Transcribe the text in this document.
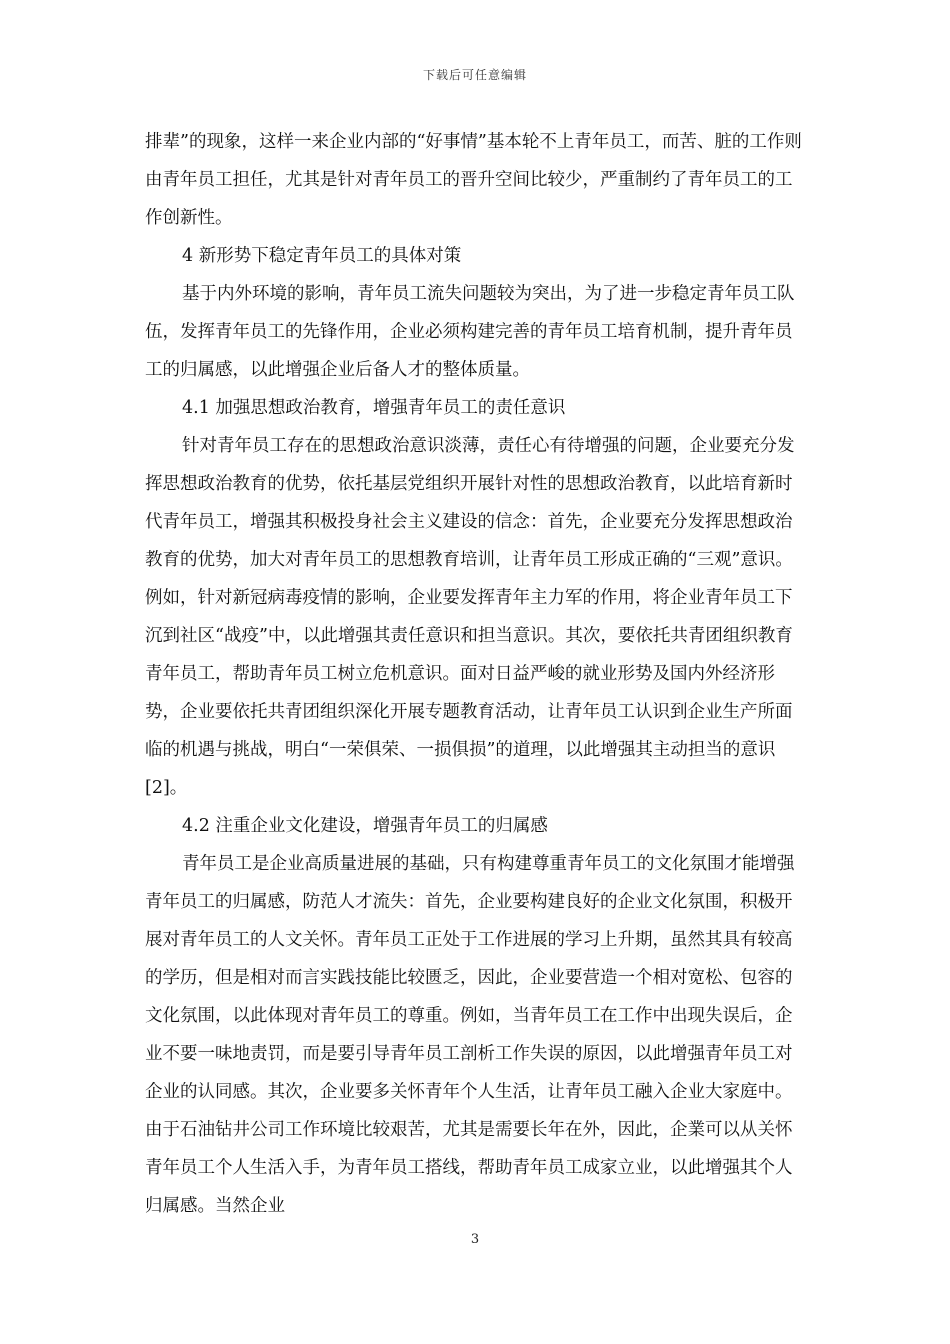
下载后可任意编辑

排辈”的现象，这样一来企业内部的“好事情”基本轮不上青年员工，而苦、脏的工作则由青年员工担任，尤其是针对青年员工的晋升空间比较少，严重制约了青年员工的工作创新性。

4 新形势下稳定青年员工的具体对策

基于内外环境的影响，青年员工流失问题较为突出，为了进一步稳定青年员工队伍，发挥青年员工的先锋作用，企业必须构建完善的青年员工培育机制，提升青年员工的归属感，以此增强企业后备人才的整体质量。

4.1 加强思想政治教育，增强青年员工的责任意识

针对青年员工存在的思想政治意识淡薄，责任心有待增强的问题，企业要充分发挥思想政治教育的优势，依托基层党组织开展针对性的思想政治教育，以此培育新时代青年员工，增强其积极投身社会主义建设的信念：首先，企业要充分发挥思想政治教育的优势，加大对青年员工的思想教育培训，让青年员工形成正确的“三观”意识。例如，针对新冠病毒疫情的影响，企业要发挥青年主力军的作用，将企业青年员工下沉到社区“战疫”中，以此增强其责任意识和担当意识。其次，要依托共青团组织教育青年员工，帮助青年员工树立危机意识。面对日益严峻的就业形势及国内外经济形势，企业要依托共青团组织深化开展专题教育活动，让青年员工认识到企业生产所面临的机遇与挑战，明白“一荣俱荣、一损俱损”的道理，以此增强其主动担当的意识[2]。

4.2 注重企业文化建设，增强青年员工的归属感

青年员工是企业高质量进展的基础，只有构建尊重青年员工的文化氛围才能增强青年员工的归属感，防范人才流失：首先，企业要构建良好的企业文化氛围，积极开展对青年员工的人文关怀。青年员工正处于工作进展的学习上升期，虽然其具有较高的学历，但是相对而言实践技能比较匮乏，因此，企业要营造一个相对宽松、包容的文化氛围，以此体现对青年员工的尊重。例如，当青年员工在工作中出现失误后，企业不要一味地责罚，而是要引导青年员工剖析工作失误的原因，以此增强青年员工对企业的认同感。其次，企业要多关怀青年个人生活，让青年员工融入企业大家庭中。由于石油钻井公司工作环境比较艰苦，尤其是需要长年在外，因此，企業可以从关怀青年员工个人生活入手，为青年员工搭线，帮助青年员工成家立业，以此增强其个人归属感。当然企业

3
